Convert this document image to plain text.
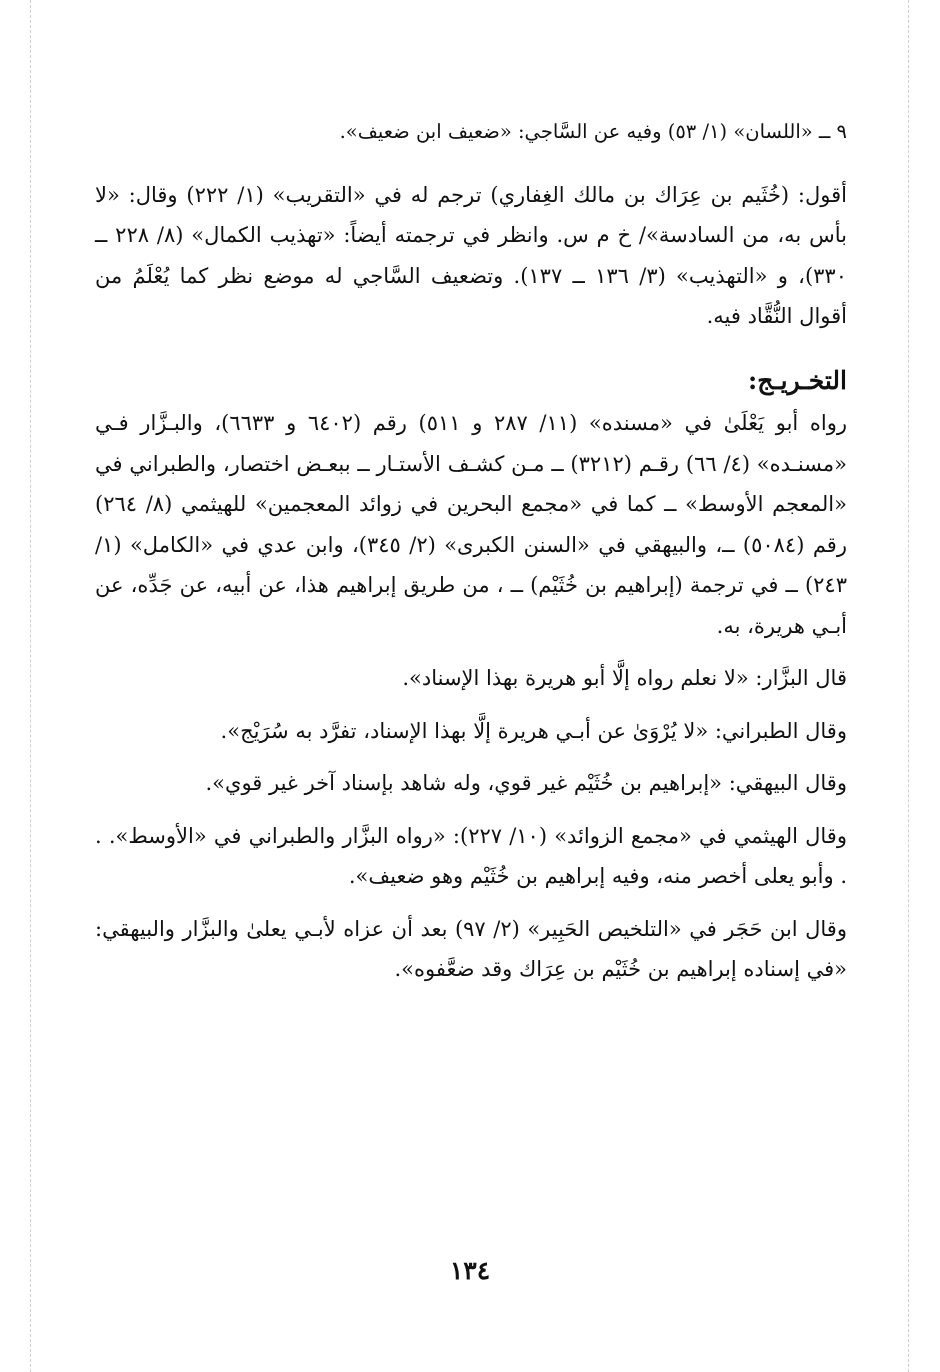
٩ ــ «اللسان» (١/ ٥٣) وفيه عن السَّاجي: «ضعيف ابن ضعيف».

أقول: (خُثَيم بن عِرَاك بن مالك الغِفاري) ترجم له في «التقريب» (١/ ٢٢٢) وقال: «لا بأس به، من السادسة»/ خ م س. وانظر في ترجمته أيضاً: «تهذيب الكمال» (٨/ ٢٢٨ ــ ٣٣٠)، و «التهذيب» (٣/ ١٣٦ ــ ١٣٧). وتضعيف السَّاجي له موضع نظر كما يُعْلَمُ من أقوال النُّقَّاد فيه.

التخـريـج:

رواه أبو يَعْلَىٰ في «مسنده» (١١/ ٢٨٧ و ٥١١) رقم (٦٤٠٢ و ٦٦٣٣)، والبـزَّار فـي «مسنـده» (٤/ ٦٦) رقـم (٣٢١٢) ــ مـن كشـف الأستـار ــ ببعـض اختصار، والطبراني في «المعجم الأوسط» ــ كما في «مجمع البحرين في زوائد المعجمين» للهيثمي (٨/ ٢٦٤) رقم (٥٠٨٤) ــ، والبيهقي في «السنن الكبرى» (٢/ ٣٤٥)، وابن عدي في «الكامل» (١/ ٢٤٣) ــ في ترجمة (إبراهيم بن خُثَيْم) ــ ، من طريق إبراهيم هذا، عن أبيه، عن جَدِّه، عن أبـي هريرة، به.

قال البزَّار: «لا نعلم رواه إلَّا أبو هريرة بهذا الإسناد».

وقال الطبراني: «لا يُرْوَىٰ عن أبـي هريرة إلَّا بهذا الإسناد، تفرَّد به سُرَيْج».

وقال البيهقي: «إبراهيم بن خُثَيْم غير قوي، وله شاهد بإسناد آخر غير قوي».

وقال الهيثمي في «مجمع الزوائد» (١٠/ ٢٢٧): «رواه البزَّار والطبراني في «الأوسط». . . وأبو يعلى أخصر منه، وفيه إبراهيم بن خُثَيْم وهو ضعيف».

وقال ابن حَجَر في «التلخيص الحَبِير» (٢/ ٩٧) بعد أن عزاه لأبـي يعلىٰ والبزَّار والبيهقي: «في إسناده إبراهيم بن خُثَيْم بن عِرَاك وقد ضعَّفوه».

١٣٤
